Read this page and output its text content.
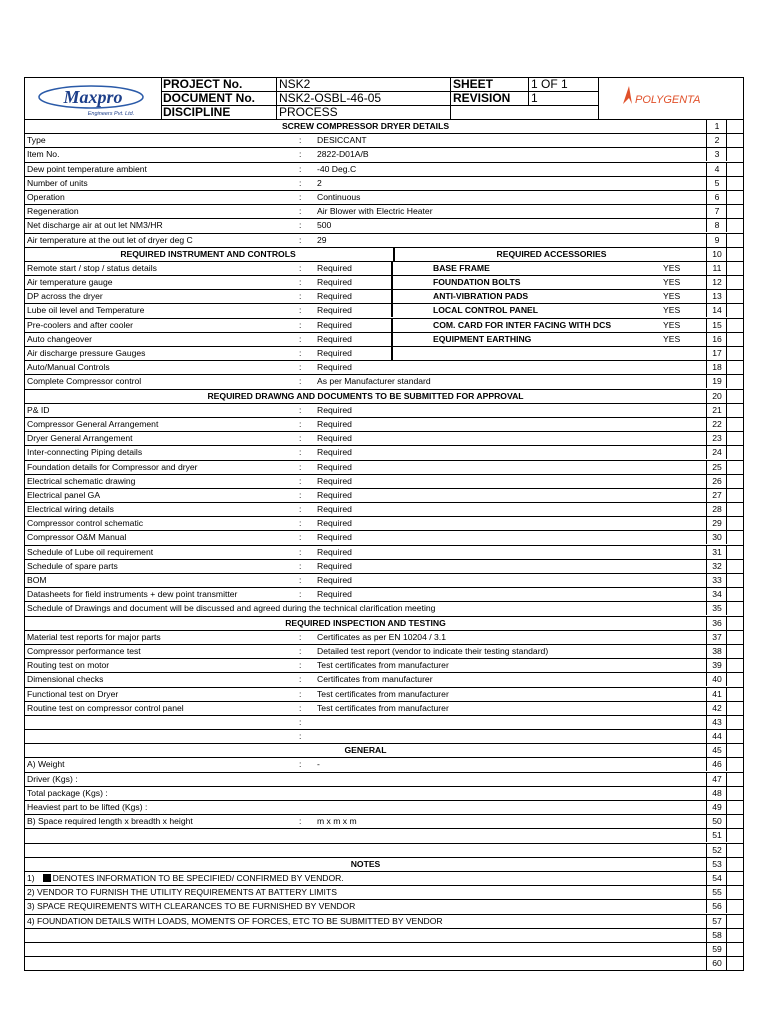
Maxpro
Engineers Pvt. Ltd.
PROJECT No.	NSK2	SHEET	1 OF 1
DOCUMENT No.	NSK2-OSBL-46-05	REVISION	1
DISCIPLINE	PROCESS
POLYGENTA
SCREW COMPRESSOR DRYER DETAILS	1
Type	:	DESICCANT	2
Item No.	:	2822-D01A/B	3
Dew point temperature ambient	:	-40 Deg.C	4
Number of units	:	2	5
Operation	:	Continuous	6
Regeneration	:	Air Blower with Electric Heater	7
Net discharge air at out let NM3/HR	:	500	8
Air temperature at the out let of dryer deg C	:	29	9
REQUIRED INSTRUMENT AND CONTROLS	REQUIRED ACCESSORIES	10
Remote start / stop / status details	:	Required	BASE FRAME	YES	11
Air temperature gauge	:	Required	FOUNDATION BOLTS	YES	12
DP across the dryer	:	Required	ANTI-VIBRATION PADS	YES	13
Lube oil level and Temperature	:	Required	LOCAL CONTROL PANEL	YES	14
Pre-coolers and after cooler	:	Required	COM. CARD FOR INTER FACING WITH DCS	YES	15
Auto changeover	:	Required	EQUIPMENT EARTHING	YES	16
Air discharge pressure Gauges	:	Required	17
Auto/Manual Controls	:	Required	18
Complete Compressor control	:	As per Manufacturer standard	19
REQUIRED DRAWNG AND DOCUMENTS TO BE SUBMITTED FOR APPROVAL	20
P& ID	:	Required	21
Compressor General Arrangement	:	Required	22
Dryer General Arrangement	:	Required	23
Inter-connecting Piping details	:	Required	24
Foundation details for Compressor and dryer	:	Required	25
Electrical schematic drawing	:	Required	26
Electrical panel GA	:	Required	27
Electrical wiring details	:	Required	28
Compressor control schematic	:	Required	29
Compressor O&M Manual	:	Required	30
Schedule of Lube oil requirement	:	Required	31
Schedule of spare parts	:	Required	32
BOM	:	Required	33
Datasheets for field instruments + dew point transmitter	:	Required	34
Schedule of Drawings and document will be discussed and agreed during the technical clarification meeting	35
REQUIRED INSPECTION AND TESTING	36
Material test reports for major parts	:	Certificates as per EN 10204 / 3.1	37
Compressor performance test	:	Detailed test report (vendor to indicate their testing standard)	38
Routing test on motor	:	Test certificates from manufacturer	39
Dimensional checks	:	Certificates from manufacturer	40
Functional test on Dryer	:	Test certificates from manufacturer	41
Routine test on compressor control panel	:	Test certificates from manufacturer	42
:	43
:	44
GENERAL	45
A) Weight	:	-	46
Driver (Kgs) :	47
Total package (Kgs) :	48
Heaviest part to be lifted (Kgs) :	49
B) Space required length x breadth x height	:	m x m x m	50
51
52
NOTES	53
1) DENOTES INFORMATION TO BE SPECIFIED/ CONFIRMED BY VENDOR.	54
2) VENDOR TO FURNISH THE UTILITY REQUIREMENTS AT BATTERY LIMITS	55
3) SPACE REQUIREMENTS WITH CLEARANCES TO BE FURNISHED BY VENDOR	56
4) FOUNDATION DETAILS WITH LOADS, MOMENTS OF FORCES, ETC TO BE SUBMITTED BY VENDOR	57
58
59
60
